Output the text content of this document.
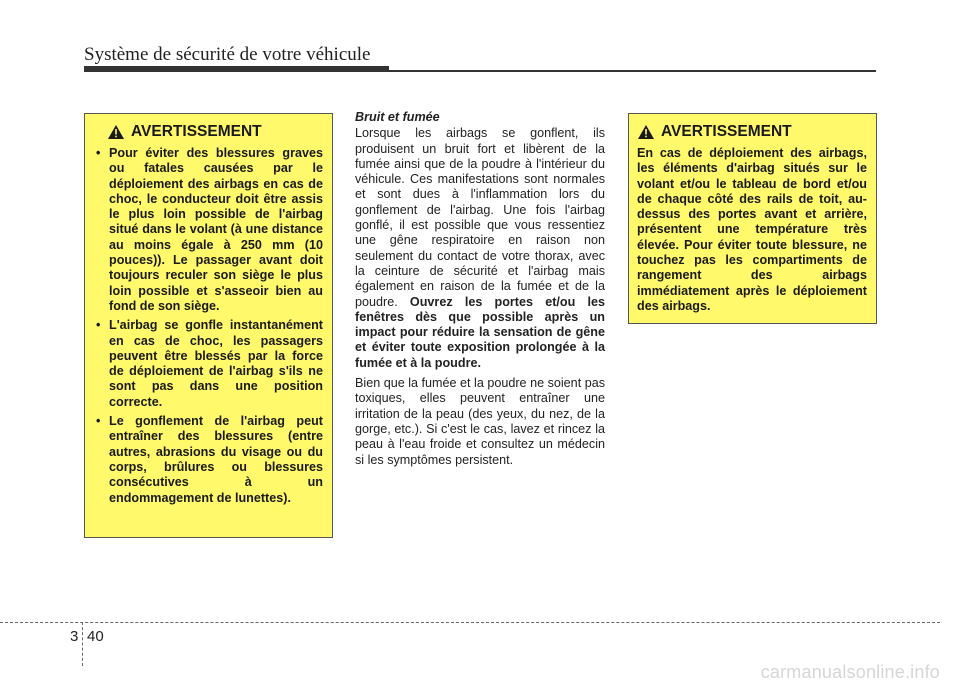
Système de sécurité de votre véhicule
AVERTISSEMENT
• Pour éviter des blessures graves ou fatales causées par le déploiement des airbags en cas de choc, le conducteur doit être assis le plus loin possible de l'airbag situé dans le volant (à une distance au moins égale à 250 mm (10 pouces)). Le passager avant doit toujours reculer son siège le plus loin possible et s'asseoir bien au fond de son siège.
• L'airbag se gonfle instantanément en cas de choc, les passagers peuvent être blessés par la force de déploiement de l'airbag s'ils ne sont pas dans une position correcte.
• Le gonflement de l'airbag peut entraîner des blessures (entre autres, abrasions du visage ou du corps, brûlures ou blessures consécutives à un endommagement de lunettes).
Bruit et fumée

Lorsque les airbags se gonflent, ils produisent un bruit fort et libèrent de la fumée ainsi que de la poudre à l'intérieur du véhicule. Ces manifestations sont normales et sont dues à l'inflammation lors du gonflement de l'airbag. Une fois l'airbag gonflé, il est possible que vous ressentiez une gêne respiratoire en raison non seulement du contact de votre thorax, avec la ceinture de sécurité et l'airbag mais également en raison de la fumée et de la poudre. Ouvrez les portes et/ou les fenêtres dès que possible après un impact pour réduire la sensation de gêne et éviter toute exposition prolongée à la fumée et à la poudre.

Bien que la fumée et la poudre ne soient pas toxiques, elles peuvent entraîner une irritation de la peau (des yeux, du nez, de la gorge, etc.). Si c'est le cas, lavez et rincez la peau à l'eau froide et consultez un médecin si les symptômes persistent.

AVERTISSEMENT

En cas de déploiement des airbags, les éléments d'airbag situés sur le volant et/ou le tableau de bord et/ou de chaque côté des rails de toit, au-dessus des portes avant et arrière, présentent une température très élevée. Pour éviter toute blessure, ne touchez pas les compartiments de rangement des airbags immédiatement après le déploiement des airbags.

3 40
carmanualsonline.info
